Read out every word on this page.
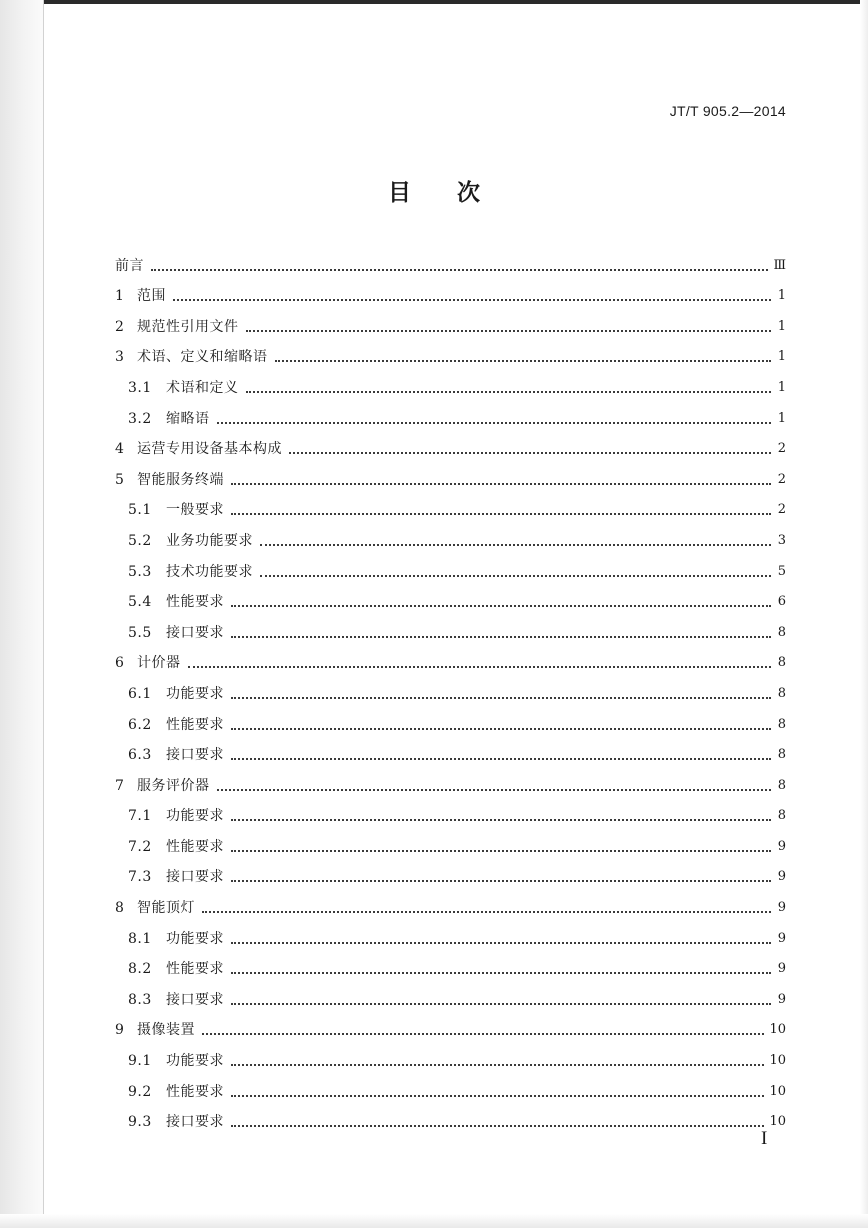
JT/T 905.2—2014
目次
前言	Ⅲ
1 范围	1
2 规范性引用文件	1
3 术语、定义和缩略语	1
3.1	术语和定义	1
3.2	缩略语	1
4 运营专用设备基本构成	2
5 智能服务终端	2
5.1	一般要求	2
5.2	业务功能要求	3
5.3	技术功能要求	5
5.4	性能要求	6
5.5	接口要求	8
6 计价器	8
6.1	功能要求	8
6.2	性能要求	8
6.3	接口要求	8
7 服务评价器	8
7.1	功能要求	8
7.2	性能要求	9
7.3	接口要求	9
8 智能顶灯	9
8.1	功能要求	9
8.2	性能要求	9
8.3	接口要求	9
9 摄像装置	10
9.1	功能要求	10
9.2	性能要求	10
9.3	接口要求	10
I
